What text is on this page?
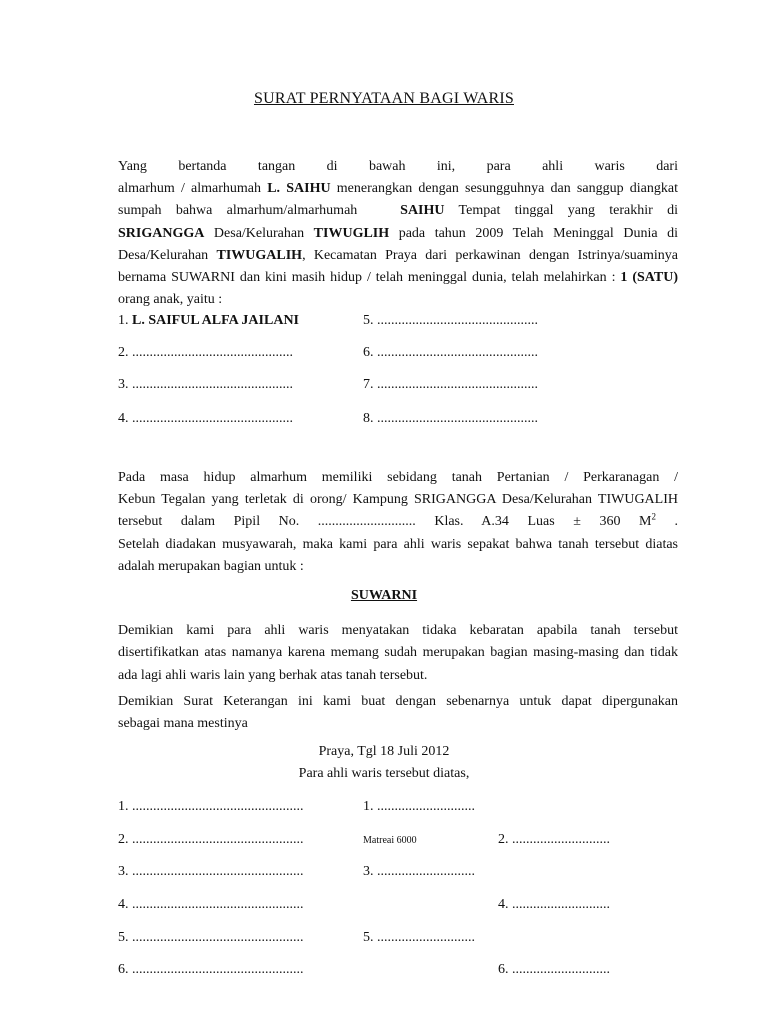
SURAT PERNYATAAN BAGI WARIS
Yang bertanda tangan di bawah ini, para ahli waris dari
almarhum / almarhumah L. SAIHU menerangkan dengan sesungguhnya dan sanggup diangkat
sumpah bahwa almarhum/almarhumah   SAIHU Tempat tinggal yang terakhir di
SRIGANGGA Desa/Kelurahan TIWUGLIH pada tahun 2009 Telah Meninggal Dunia di
Desa/Kelurahan TIWUGALIH, Kecamatan Praya dari perkawinan dengan Istrinya/suaminya
bernama SUWARNI dan kini masih hidup / telah meninggal dunia, telah melahirkan : 1 (SATU)
orang anak, yaitu :
1. L. SAIFUL ALFA JAILANI
2. ..............................................
3. ..............................................
4. ..............................................
5. ..............................................
6. ..............................................
7. ..............................................
8. ..............................................
Pada masa hidup almarhum memiliki sebidang tanah Pertanian / Perkaranagan /
Kebun Tegalan yang terletak di orong/ Kampung SRIGANGGA Desa/Kelurahan TIWUGALIH
tersebut dalam Pipil No. ............................ Klas. A.34 Luas ± 360 $M^2$ .
Setelah diadakan musyawarah, maka kami para ahli waris sepakat bahwa tanah tersebut diatas
adalah merupakan bagian untuk :
SUWARNI
Demikian kami para ahli waris menyatakan tidaka kebaratan apabila tanah tersebut
disertifikatkan atas namanya karena memang sudah merupakan bagian masing-masing dan tidak
ada lagi ahli waris lain yang berhak atas tanah tersebut.
Demikian Surat Keterangan ini kami buat dengan sebenarnya untuk dapat dipergunakan
sebagai mana mestinya
Praya, Tgl 18 Juli 2012
Para ahli waris tersebut diatas,
1. .................................................
2. .................................................
3. .................................................
4. .................................................
5. .................................................
6. .................................................
1. ............................
Matreai 6000
3. ............................
5. ............................
2. ............................
4. ............................
6. ............................
